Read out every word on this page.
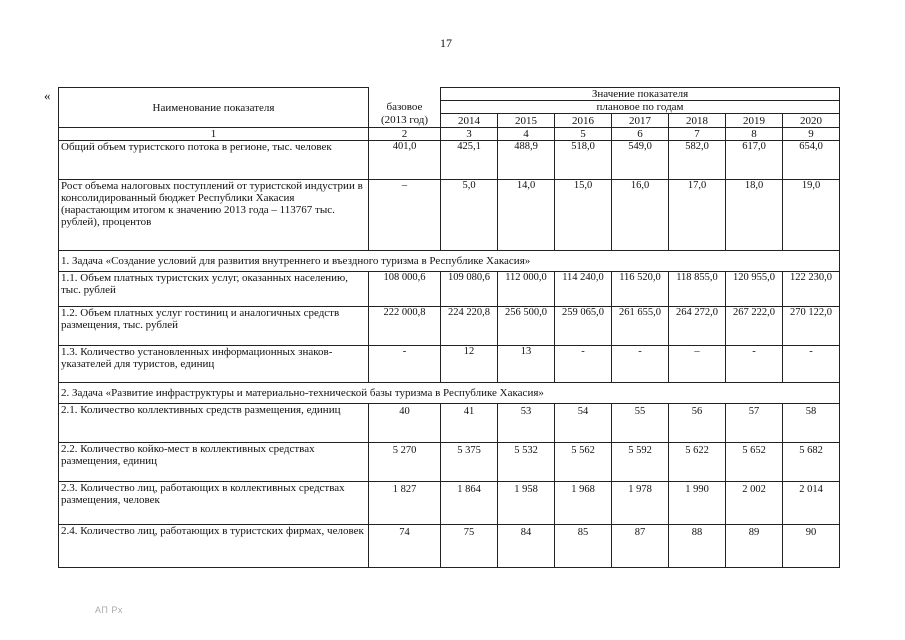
17
«
Наименование показателя		Значение показателя						
	базовое	плановое по годам						
	(2013 год)	2014	2015	2016	2017	2018	2019	2020
1	2	3	4	5	6	7	8	9
Общий объем туристского потока в регионе, тыс. человек	401,0	425,1	488,9	518,0	549,0	582,0	617,0	654,0
Рост объема налоговых поступлений от туристской индустрии в консолидированный бюджет Республики Хакасия (нарастающим итогом к значению 2013 года – 113767 тыс. рублей), процентов	–	5,0	14,0	15,0	16,0	17,0	18,0	19,0
1. Задача «Создание условий для развития внутреннего и въездного туризма в Республике Хакасия»								
1.1. Объем платных туристских услуг, оказанных населению, тыс. рублей	108 000,6	109 080,6	112 000,0	114 240,0	116 520,0	118 855,0	120 955,0	122 230,0
1.2. Объем платных услуг гостиниц и аналогичных средств размещения, тыс. рублей	222 000,8	224 220,8	256 500,0	259 065,0	261 655,0	264 272,0	267 222,0	270 122,0
1.3. Количество установленных информационных знаков-указателей для туристов, единиц	-	12	13	-	-	–	-	-
2. Задача «Развитие инфраструктуры и материально-технической базы туризма в Республике Хакасия»								
2.1. Количество коллективных средств размещения, единиц	40	41	53	54	55	56	57	58
2.2. Количество койко-мест в коллективных средствах размещения, единиц	5 270	5 375	5 532	5 562	5 592	5 622	5 652	5 682
2.3. Количество лиц, работающих в коллективных средствах размещения, человек	1 827	1 864	1 958	1 968	1 978	1 990	2 002	2 014
2.4. Количество лиц, работающих в туристских фирмах, человек	74	75	84	85	87	88	89	90
АП Рх
